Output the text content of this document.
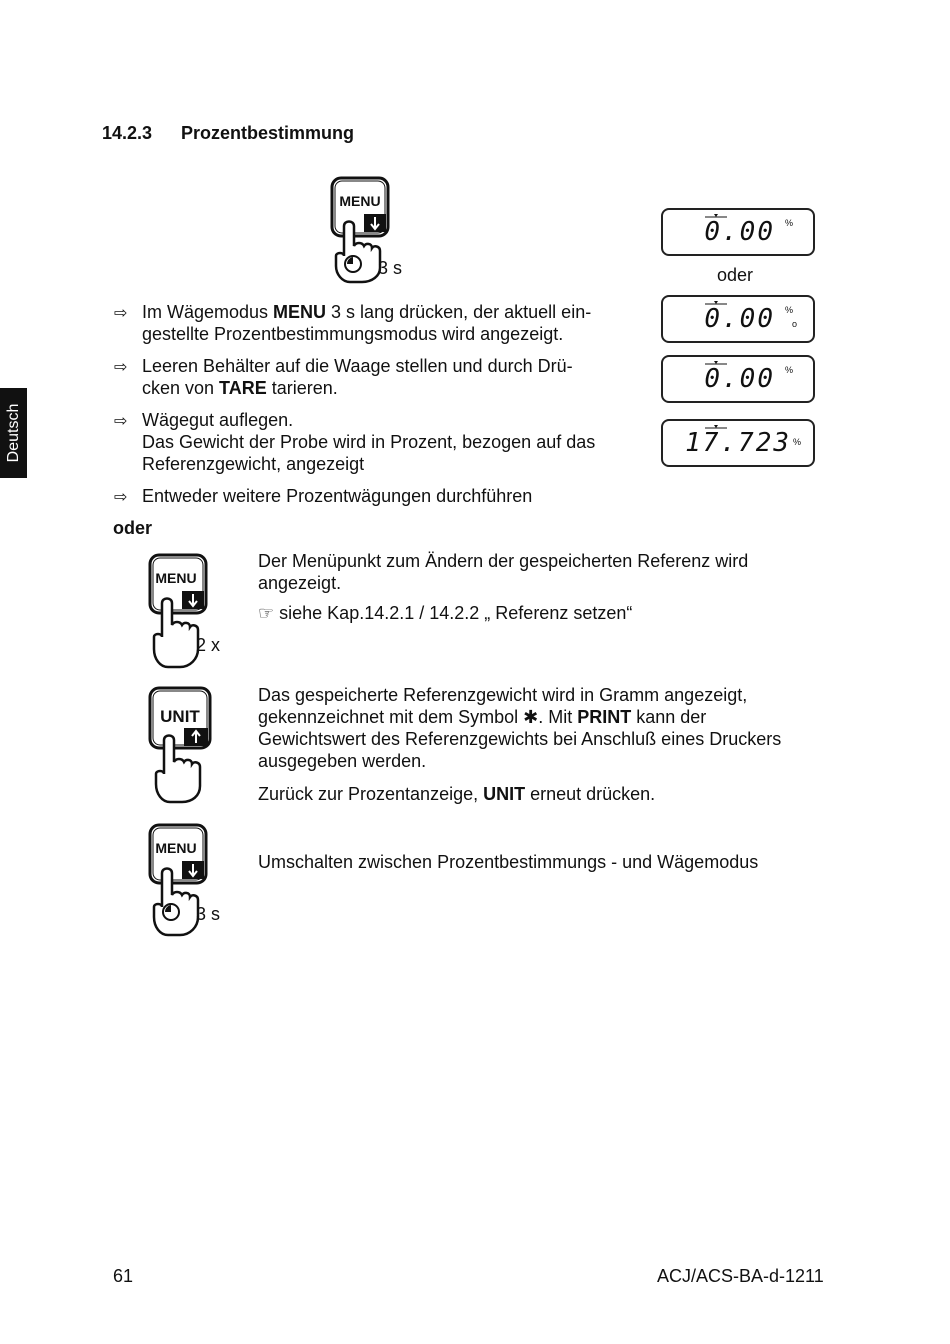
14.2.3 Prozentbestimmung
Deutsch
MENU
3 s
0.00 %
oder
0.00 %
o
0.00 %
17.723 %
⇨ Im Wägemodus MENU 3 s lang drücken, der aktuell ein-
gestellte Prozentbestimmungsmodus wird angezeigt.
⇨ Leeren Behälter auf die Waage stellen und durch Drü-
cken von TARE tarieren.
⇨ Wägegut auflegen.
Das Gewicht der Probe wird in Prozent, bezogen auf das
Referenzgewicht, angezeigt
⇨ Entweder weitere Prozentwägungen durchführen
oder
MENU
2 x
Der Menüpunkt zum Ändern der gespeicherten Referenz wird
angezeigt.
☞ siehe Kap.14.2.1 / 14.2.2 „ Referenz setzen“
UNIT
Das gespeicherte Referenzgewicht wird in Gramm angezeigt,
gekennzeichnet mit dem Symbol ✱. Mit PRINT kann der
Gewichtswert des Referenzgewichts bei Anschluß eines Druckers
ausgegeben werden.
Zurück zur Prozentanzeige, UNIT erneut drücken.
MENU
3 s
Umschalten zwischen Prozentbestimmungs - und Wägemodus
61	ACJ/ACS-BA-d-1211
